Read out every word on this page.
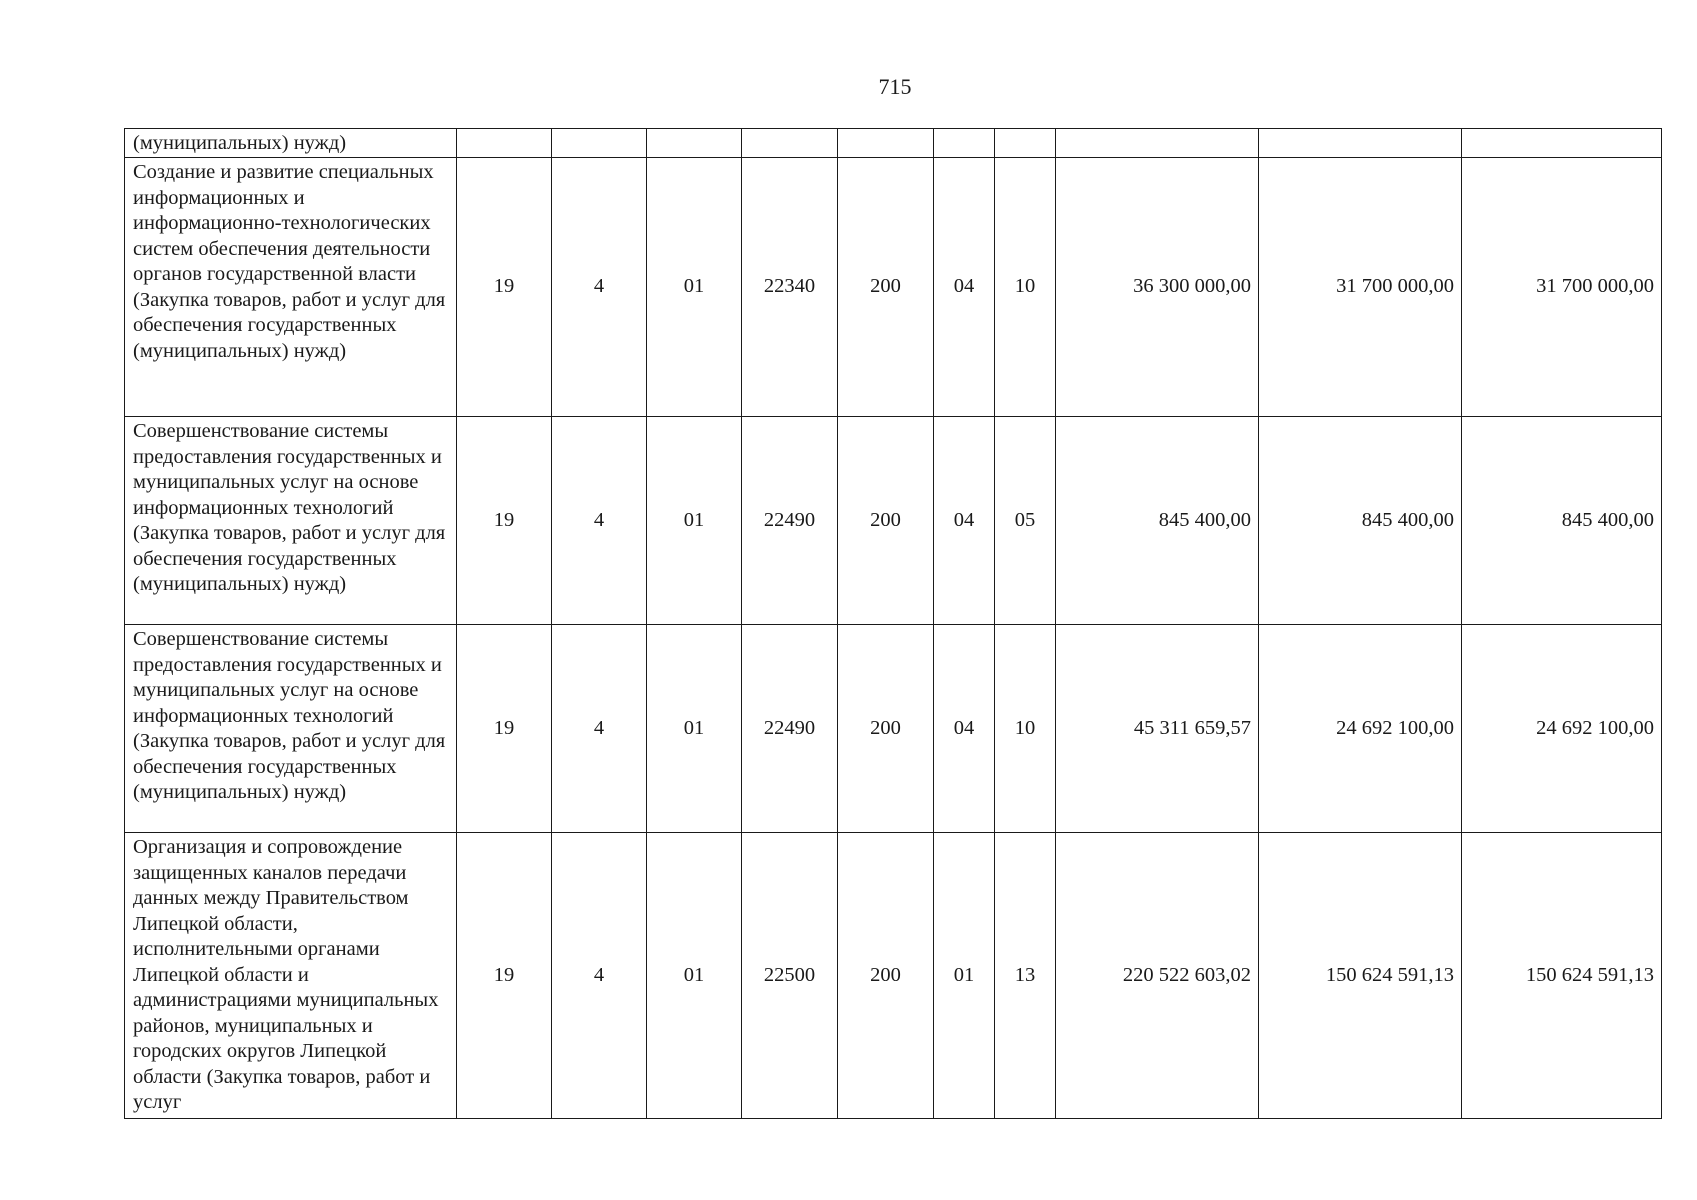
715
(муниципальных) нужд)										
Создание и развитие специальных информационных и информационно-технологических систем обеспечения деятельности органов государственной власти (Закупка товаров, работ и услуг для обеспечения государственных (муниципальных) нужд)	19	4	01	22340	200	04	10	36 300 000,00	31 700 000,00	31 700 000,00
Совершенствование системы предоставления государственных и муниципальных услуг на основе информационных технологий (Закупка товаров, работ и услуг для обеспечения государственных (муниципальных) нужд)	19	4	01	22490	200	04	05	845 400,00	845 400,00	845 400,00
Совершенствование системы предоставления государственных и муниципальных услуг на основе информационных технологий (Закупка товаров, работ и услуг для обеспечения государственных (муниципальных) нужд)	19	4	01	22490	200	04	10	45 311 659,57	24 692 100,00	24 692 100,00
Организация и сопровождение защищенных каналов передачи данных между Правительством Липецкой области, исполнительными органами Липецкой области и администрациями муниципальных районов, муниципальных и городских округов Липецкой области (Закупка товаров, работ и услуг	19	4	01	22500	200	01	13	220 522 603,02	150 624 591,13	150 624 591,13
